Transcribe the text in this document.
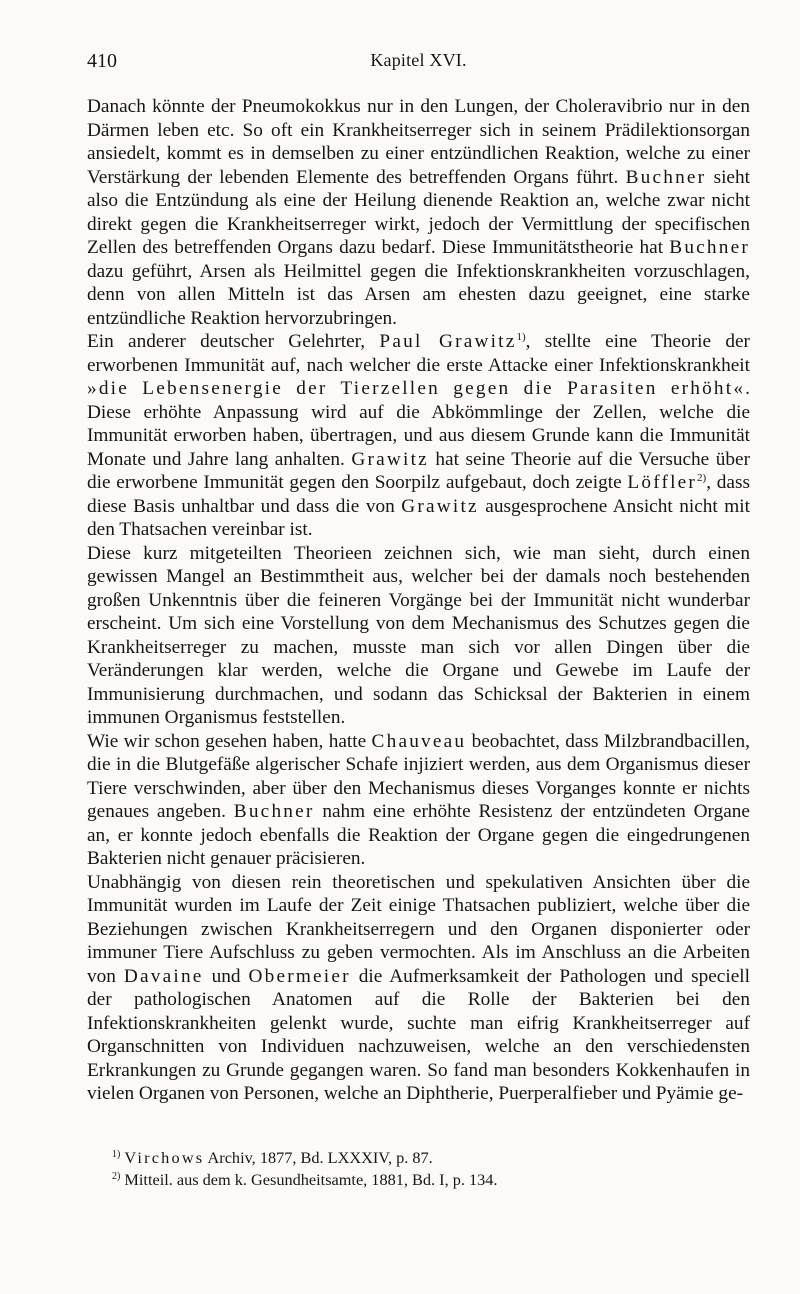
410	Kapitel XVI.

Danach könnte der Pneumokokkus nur in den Lungen, der Choleravibrio nur in den Därmen leben etc. So oft ein Krankheitserreger sich in seinem Prädilektionsorgan ansiedelt, kommt es in demselben zu einer entzündlichen Reaktion, welche zu einer Verstärkung der lebenden Elemente des betreffenden Organs führt. Buchner sieht also die Entzündung als eine der Heilung dienende Reaktion an, welche zwar nicht direkt gegen die Krankheitserreger wirkt, jedoch der Vermittlung der specifischen Zellen des betreffenden Organs dazu bedarf. Diese Immunitätstheorie hat Buchner dazu geführt, Arsen als Heilmittel gegen die Infektionskrankheiten vorzuschlagen, denn von allen Mitteln ist das Arsen am ehesten dazu geeignet, eine starke entzündliche Reaktion hervorzubringen.

Ein anderer deutscher Gelehrter, Paul Grawitz$^{1)}$, stellte eine Theorie der erworbenen Immunität auf, nach welcher die erste Attacke einer Infektionskrankheit »die Lebensenergie der Tierzellen gegen die Parasiten erhöht«. Diese erhöhte Anpassung wird auf die Abkömmlinge der Zellen, welche die Immunität erworben haben, übertragen, und aus diesem Grunde kann die Immunität Monate und Jahre lang anhalten. Grawitz hat seine Theorie auf die Versuche über die erworbene Immunität gegen den Soorpilz aufgebaut, doch zeigte Löffler$^{2)}$, dass diese Basis unhaltbar und dass die von Grawitz ausgesprochene Ansicht nicht mit den Thatsachen vereinbar ist.

Diese kurz mitgeteilten Theorieen zeichnen sich, wie man sieht, durch einen gewissen Mangel an Bestimmtheit aus, welcher bei der damals noch bestehenden großen Unkenntnis über die feineren Vorgänge bei der Immunität nicht wunderbar erscheint. Um sich eine Vorstellung von dem Mechanismus des Schutzes gegen die Krankheitserreger zu machen, musste man sich vor allen Dingen über die Veränderungen klar werden, welche die Organe und Gewebe im Laufe der Immunisierung durchmachen, und sodann das Schicksal der Bakterien in einem immunen Organismus feststellen.

Wie wir schon gesehen haben, hatte Chauveau beobachtet, dass Milzbrandbacillen, die in die Blutgefäße algerischer Schafe injiziert werden, aus dem Organismus dieser Tiere verschwinden, aber über den Mechanismus dieses Vorganges konnte er nichts genaues angeben. Buchner nahm eine erhöhte Resistenz der entzündeten Organe an, er konnte jedoch ebenfalls die Reaktion der Organe gegen die eingedrungenen Bakterien nicht genauer präcisieren.

Unabhängig von diesen rein theoretischen und spekulativen Ansichten über die Immunität wurden im Laufe der Zeit einige Thatsachen publiziert, welche über die Beziehungen zwischen Krankheitserregern und den Organen disponierter oder immuner Tiere Aufschluss zu geben vermochten. Als im Anschluss an die Arbeiten von Davaine und Obermeier die Aufmerksamkeit der Pathologen und speciell der pathologischen Anatomen auf die Rolle der Bakterien bei den Infektionskrankheiten gelenkt wurde, suchte man eifrig Krankheitserreger auf Organschnitten von Individuen nachzuweisen, welche an den verschiedensten Erkrankungen zu Grunde gegangen waren. So fand man besonders Kokkenhaufen in vielen Organen von Personen, welche an Diphtherie, Puerperalfieber und Pyämie ge-

$^{1)}$ Virchows Archiv, 1877, Bd. LXXXIV, p. 87.

$^{2)}$ Mitteil. aus dem k. Gesundheitsamte, 1881, Bd. I, p. 134.
